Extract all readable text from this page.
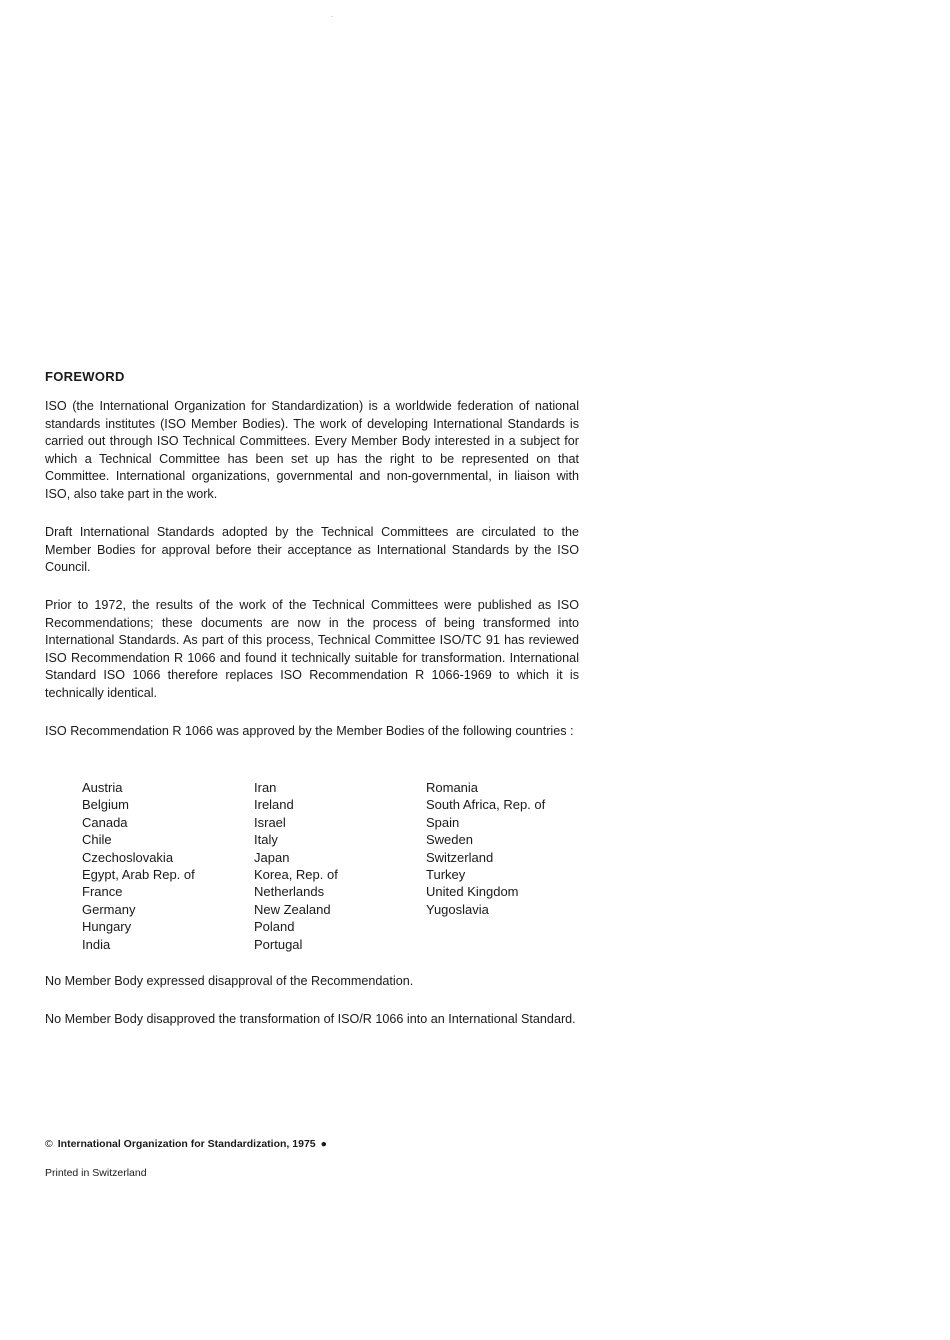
FOREWORD

ISO (the International Organization for Standardization) is a worldwide federation of national standards institutes (ISO Member Bodies). The work of developing International Standards is carried out through ISO Technical Committees. Every Member Body interested in a subject for which a Technical Committee has been set up has the right to be represented on that Committee. International organizations, governmental and non-governmental, in liaison with ISO, also take part in the work.

Draft International Standards adopted by the Technical Committees are circulated to the Member Bodies for approval before their acceptance as International Standards by the ISO Council.

Prior to 1972, the results of the work of the Technical Committees were published as ISO Recommendations; these documents are now in the process of being transformed into International Standards. As part of this process, Technical Committee ISO/TC 91 has reviewed ISO Recommendation R 1066 and found it technically suitable for transformation. International Standard ISO 1066 therefore replaces ISO Recommendation R 1066-1969 to which it is technically identical.

ISO Recommendation R 1066 was approved by the Member Bodies of the following countries :

Austria
Belgium
Canada
Chile
Czechoslovakia
Egypt, Arab Rep. of
France
Germany
Hungary
India
Iran
Ireland
Israel
Italy
Japan
Korea, Rep. of
Netherlands
New Zealand
Poland
Portugal
Romania
South Africa, Rep. of
Spain
Sweden
Switzerland
Turkey
United Kingdom
Yugoslavia

No Member Body expressed disapproval of the Recommendation.

No Member Body disapproved the transformation of ISO/R 1066 into an International Standard.

© International Organization for Standardization, 1975 ●
Printed in Switzerland
